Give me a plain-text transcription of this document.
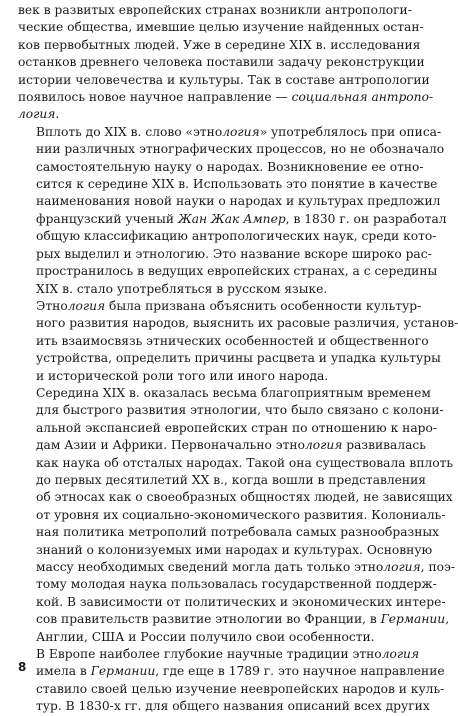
век в развитых европейских странах возникли антропологи-
ческие общества, имевшие целью изучение найденных остан-
ков первобытных людей. Уже в середине XIX в. исследования
останков древнего человека поставили задачу реконструкции
истории человечества и культуры. Так в составе антропологии
появилось новое научное направление — социальная антропо-
логия.
Вплоть до XIX в. слово «этнология» употреблялось при описа-
нии различных этнографических процессов, но не обозначало
самостоятельную науку о народах. Возникновение ее отно-
сится к середине XIX в. Использовать это понятие в качестве
наименования новой науки о народах и культурах предложил
французский ученый Жан Жак Ампер, в 1830 г. он разработал
общую классификацию антропологических наук, среди кото-
рых выделил и этнологию. Это название вскоре широко рас-
пространилось в ведущих европейских странах, а с середины
XIX в. стало употребляться в русском языке.
Этнология была призвана объяснить особенности культур-
ного развития народов, выяснить их расовые различия, установ-
ить взаимосвязь этнических особенностей и общественного
устройства, определить причины расцвета и упадка культуры
и исторической роли того или иного народа.
Середина XIX в. оказалась весьма благоприятным временем
для быстрого развития этнологии, что было связано с колони-
альной экспансией европейских стран по отношению к наро-
дам Азии и Африки. Первоначально этнология развивалась
как наука об отсталых народах. Такой она существовала вплоть
до первых десятилетий XX в., когда вошли в представления
об этносах как о своеобразных общностях людей, не зависящих
от уровня их социально-экономического развития. Колониаль-
ная политика метрополий потребовала самых разнообразных
знаний о колонизуемых ими народах и культурах. Основную
массу необходимых сведений могла дать только этнология, поэ-
тому молодая наука пользовалась государственной поддерж-
кой. В зависимости от политических и экономических интере-
сов правительств развитие этнологии во Франции, в Германии,
Англии, США и России получило свои особенности.
В Европе наиболее глубокие научные традиции этнология
имела в Германии, где еще в 1789 г. это научное направление
ставило своей целью изучение неевропейских народов и куль-
тур. В 1830-х гг. для общего названия описаний всех других
8
